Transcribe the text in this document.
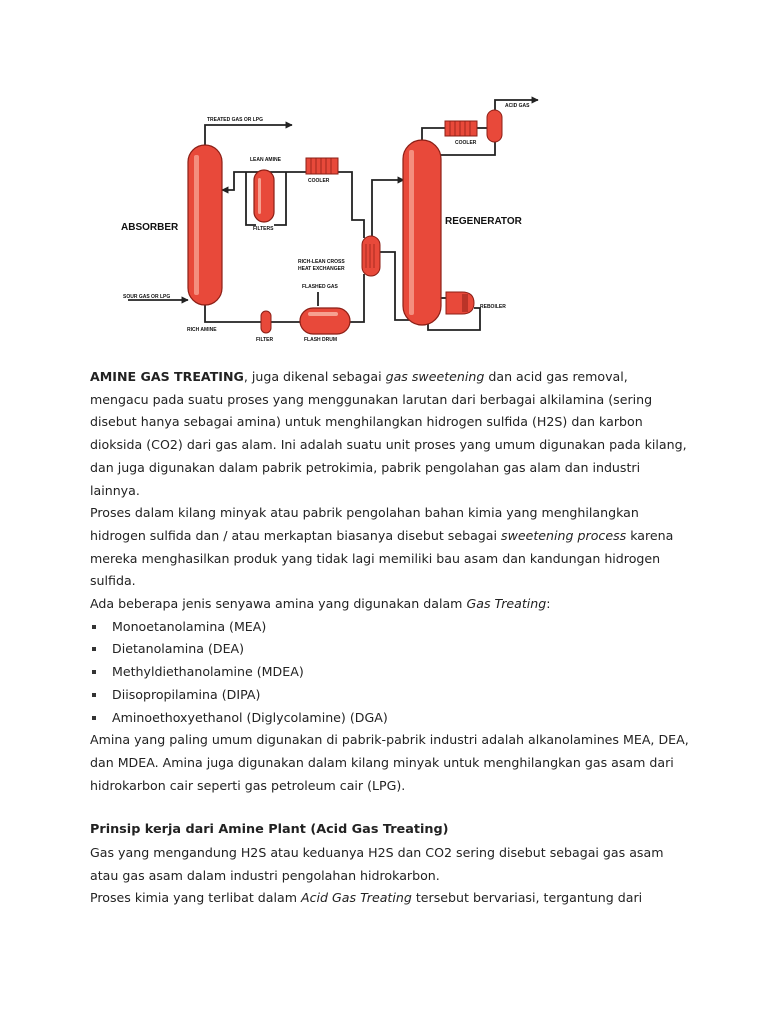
TREATED GAS OR LPG
ACID GAS
COOLER
LEAN AMINE
COOLER
ABSORBER
REGENERATOR
FILTERS
RICH-LEAN CROSS
HEAT EXCHANGER
FLASHED GAS
REBOILER
SOUR GAS OR LPG
RICH AMINE
FILTER	FLASH DRUM

AMINE GAS TREATING, juga dikenal sebagai gas sweetening dan acid gas removal, mengacu pada suatu proses yang menggunakan larutan dari berbagai alkilamina (sering disebut hanya sebagai amina) untuk menghilangkan hidrogen sulfida (H2S) dan karbon dioksida (CO2) dari gas alam. Ini adalah suatu unit proses yang umum digunakan pada kilang, dan juga digunakan dalam pabrik petrokimia, pabrik pengolahan gas alam dan industri lainnya.

Proses dalam kilang minyak atau pabrik pengolahan bahan kimia yang menghilangkan hidrogen sulfida dan / atau merkaptan biasanya disebut sebagai sweetening process karena mereka menghasilkan produk yang tidak lagi memiliki bau asam dan kandungan hidrogen sulfida.

Ada beberapa jenis senyawa amina yang digunakan dalam Gas Treating:

Monoetanolamina (MEA)
Dietanolamina (DEA)
Methyldiethanolamine (MDEA)
Diisopropilamina (DIPA)
Aminoethoxyethanol (Diglycolamine) (DGA)

Amina yang paling umum digunakan di pabrik-pabrik industri adalah alkanolamines MEA, DEA, dan MDEA. Amina juga digunakan dalam kilang minyak untuk menghilangkan gas asam dari hidrokarbon cair seperti gas petroleum cair (LPG).

Prinsip kerja dari Amine Plant (Acid Gas Treating)

Gas yang mengandung H2S atau keduanya H2S dan CO2 sering disebut sebagai gas asam atau gas asam dalam industri pengolahan hidrokarbon.

Proses kimia yang terlibat dalam Acid Gas Treating tersebut bervariasi, tergantung dari
